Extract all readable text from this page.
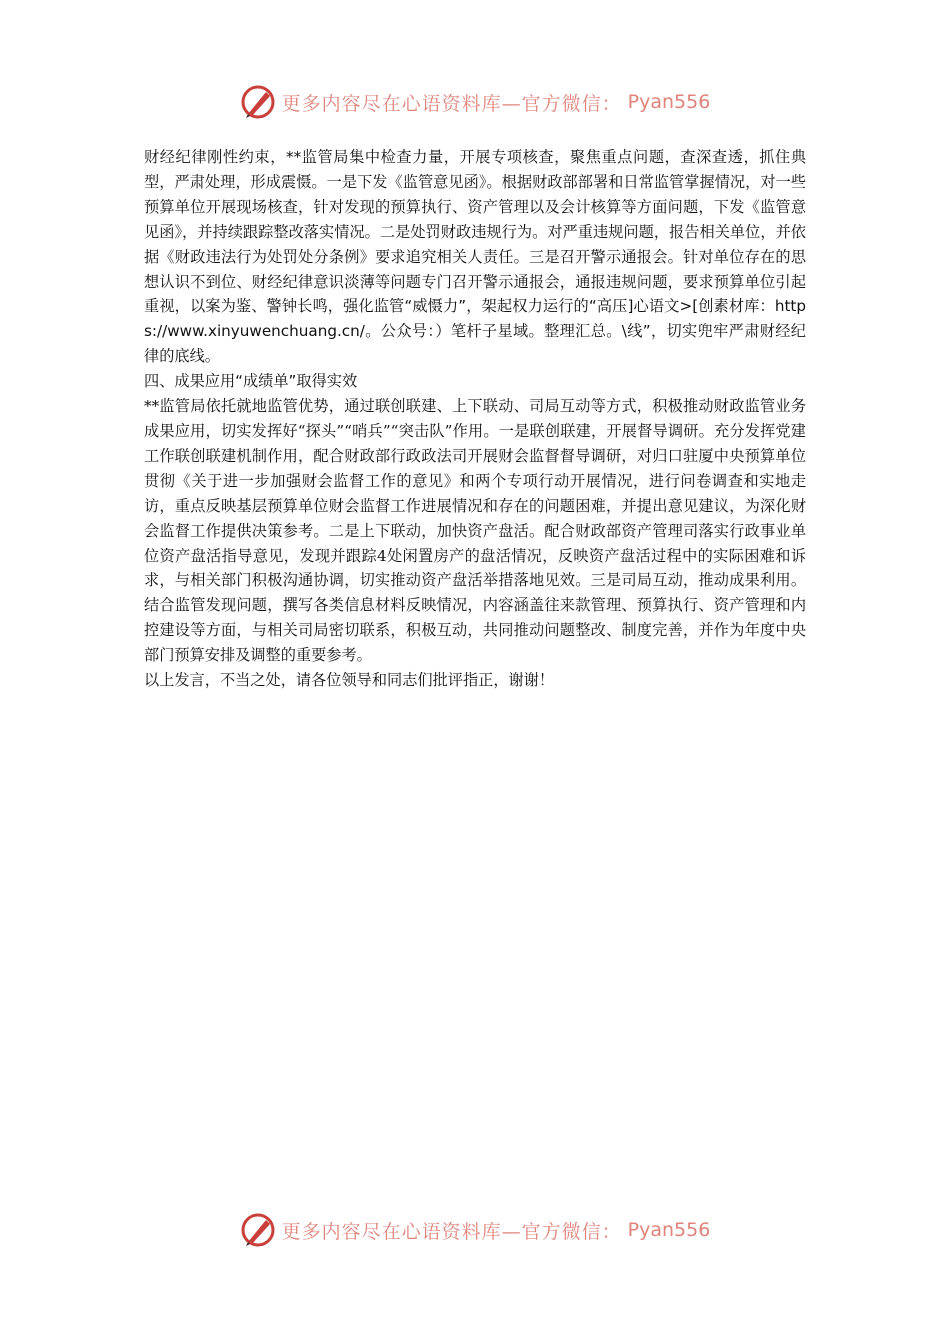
更多内容尽在心语资料库—官方微信： Pyan556

财经纪律刚性约束，**监管局集中检查力量，开展专项核查，聚焦重点问题，查深查透，抓住典型，严肃处理，形成震慑。一是下发《监管意见函》。根据财政部部署和日常监管掌握情况，对一些预算单位开展现场核查，针对发现的预算执行、资产管理以及会计核算等方面问题，下发《监管意见函》，并持续跟踪整改落实情况。二是处罚财政违规行为。对严重违规问题，报告相关单位，并依据《财政违法行为处罚处分条例》要求追究相关人责任。三是召开警示通报会。针对单位存在的思想认识不到位、财经纪律意识淡薄等问题专门召开警示通报会，通报违规问题，要求预算单位引起重视，以案为鉴、警钟长鸣，强化监管“威慑力”，架起权力运行的“高压]心语文>[创素材库：https://www.xinyuwenchuang.cn/。公众号：）笔杆子星域。整理汇总。\线”，切实兜牢严肃财经纪律的底线。

四、成果应用“成绩单”取得实效

**监管局依托就地监管优势，通过联创联建、上下联动、司局互动等方式，积极推动财政监管业务成果应用，切实发挥好“探头”“哨兵”“突击队”作用。一是联创联建，开展督导调研。充分发挥党建工作联创联建机制作用，配合财政部行政政法司开展财会监督督导调研，对归口驻厦中央预算单位贯彻《关于进一步加强财会监督工作的意见》和两个专项行动开展情况，进行问卷调查和实地走访，重点反映基层预算单位财会监督工作进展情况和存在的问题困难，并提出意见建议，为深化财会监督工作提供决策参考。二是上下联动，加快资产盘活。配合财政部资产管理司落实行政事业单位资产盘活指导意见，发现并跟踪4处闲置房产的盘活情况，反映资产盘活过程中的实际困难和诉求，与相关部门积极沟通协调，切实推动资产盘活举措落地见效。三是司局互动，推动成果利用。结合监管发现问题，撰写各类信息材料反映情况，内容涵盖往来款管理、预算执行、资产管理和内控建设等方面，与相关司局密切联系，积极互动，共同推动问题整改、制度完善，并作为年度中央部门预算安排及调整的重要参考。

以上发言，不当之处，请各位领导和同志们批评指正，谢谢！

更多内容尽在心语资料库—官方微信： Pyan556
